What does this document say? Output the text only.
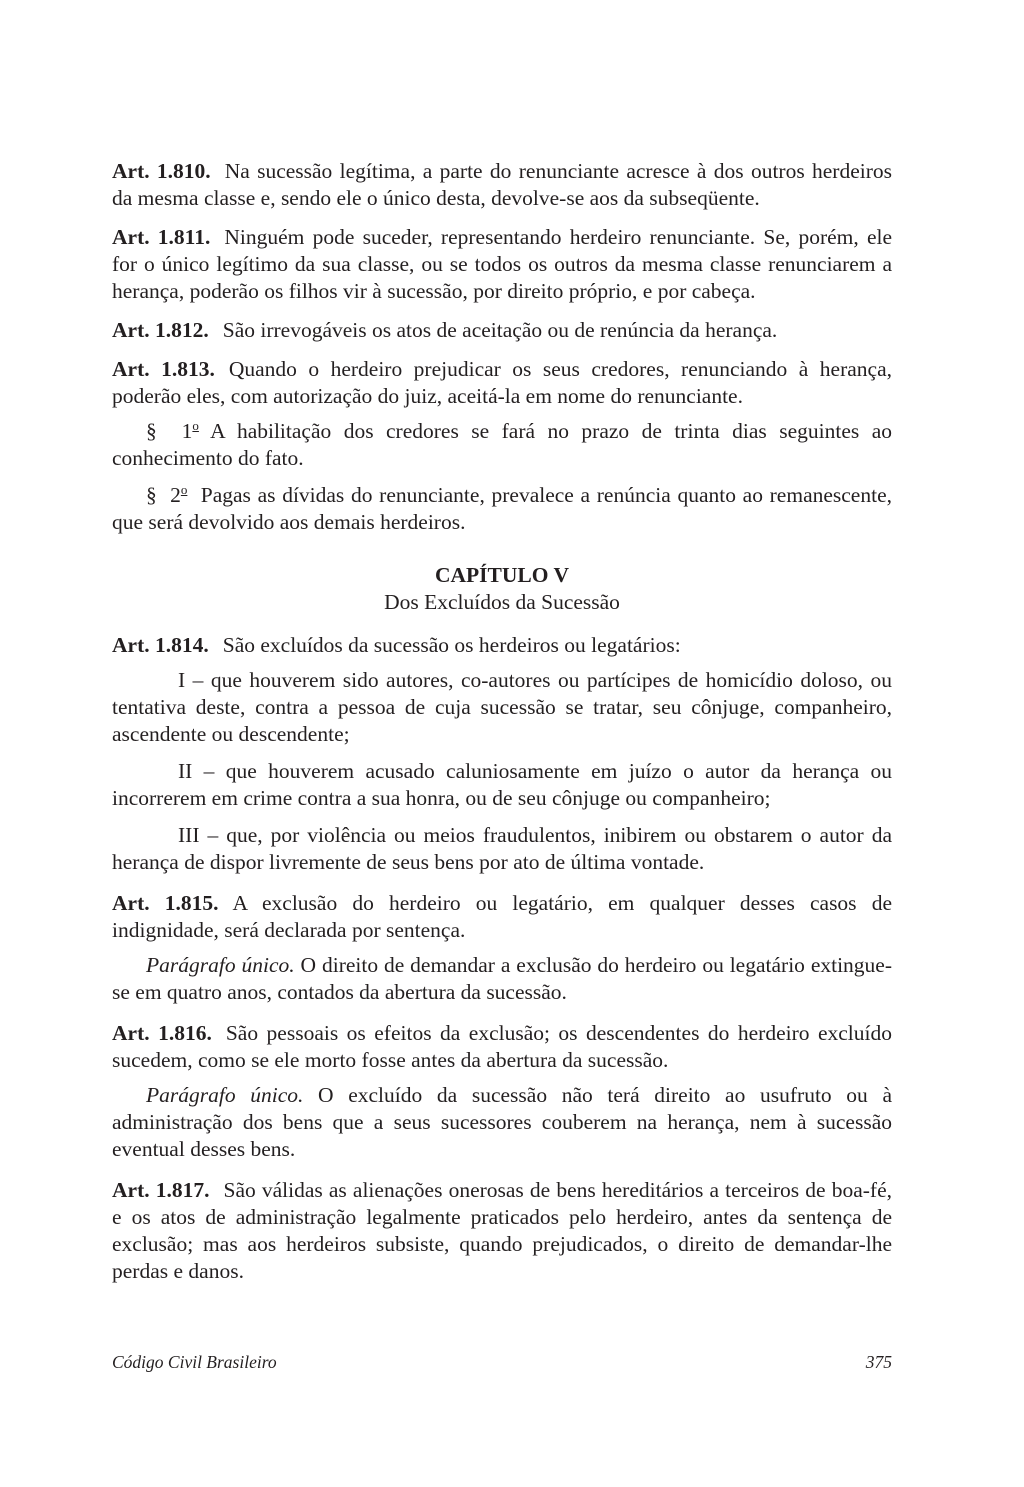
Art. 1.810. Na sucessão legítima, a parte do renunciante acresce à dos outros herdeiros da mesma classe e, sendo ele o único desta, devolve-se aos da subseqüente.

Art. 1.811. Ninguém pode suceder, representando herdeiro renunciante. Se, porém, ele for o único legítimo da sua classe, ou se todos os outros da mesma classe renunciarem a herança, poderão os filhos vir à sucessão, por direito próprio, e por cabeça.

Art. 1.812. São irrevogáveis os atos de aceitação ou de renúncia da herança.

Art. 1.813. Quando o herdeiro prejudicar os seus credores, renunciando à herança, poderão eles, com autorização do juiz, aceitá-la em nome do renunciante.

§ 1$^o$ A habilitação dos credores se fará no prazo de trinta dias seguintes ao conhecimento do fato.

§ 2$^o$ Pagas as dívidas do renunciante, prevalece a renúncia quanto ao remanescente, que será devolvido aos demais herdeiros.

CAPÍTULO V
Dos Excluídos da Sucessão

Art. 1.814. São excluídos da sucessão os herdeiros ou legatários:

I – que houverem sido autores, co-autores ou partícipes de homicídio doloso, ou tentativa deste, contra a pessoa de cuja sucessão se tratar, seu cônjuge, companheiro, ascendente ou descendente;

II – que houverem acusado caluniosamente em juízo o autor da herança ou incorrerem em crime contra a sua honra, ou de seu cônjuge ou companheiro;

III – que, por violência ou meios fraudulentos, inibirem ou obstarem o autor da herança de dispor livremente de seus bens por ato de última vontade.

Art. 1.815. A exclusão do herdeiro ou legatário, em qualquer desses casos de indignidade, será declarada por sentença.

Parágrafo único. O direito de demandar a exclusão do herdeiro ou legatário extingue-se em quatro anos, contados da abertura da sucessão.

Art. 1.816. São pessoais os efeitos da exclusão; os descendentes do herdeiro excluído sucedem, como se ele morto fosse antes da abertura da sucessão.

Parágrafo único. O excluído da sucessão não terá direito ao usufruto ou à administração dos bens que a seus sucessores couberem na herança, nem à sucessão eventual desses bens.

Art. 1.817. São válidas as alienações onerosas de bens hereditários a terceiros de boa-fé, e os atos de administração legalmente praticados pelo herdeiro, antes da sentença de exclusão; mas aos herdeiros subsiste, quando prejudicados, o direito de demandar-lhe perdas e danos.

Código Civil Brasileiro	375
